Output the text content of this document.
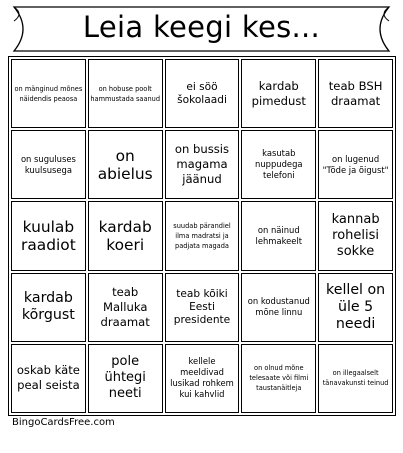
Leia keegi kes...
on mänginud mõnes näidendis peaosa
on hobuse poolt hammustada saanud
ei söö šokolaadi
kardab pimedust
teab BSH draamat
on suguluses kuulsusega
on abielus
on bussis magama jäänud
kasutab nuppudega telefoni
on lugenud "Tõde ja õigust"
kuulab raadiot
kardab koeri
suudab pärandiel ilma madratsi ja padjata magada
on näinud lehmakeelt
kannab rohelisi sokke
kardab kõrgust
teab Malluka draamat
teab kõiki Eesti presidente
on kodustanud mõne linnu
kellel on üle 5 needi
oskab käte peal seista
pole ühtegi neeti
kellele meeldivad lusikad rohkem kui kahvlid
on olnud mõne telesaate või filmi taustanäitleja
on illegaalselt tänavakunsti teinud
BingoCardsFree.com
